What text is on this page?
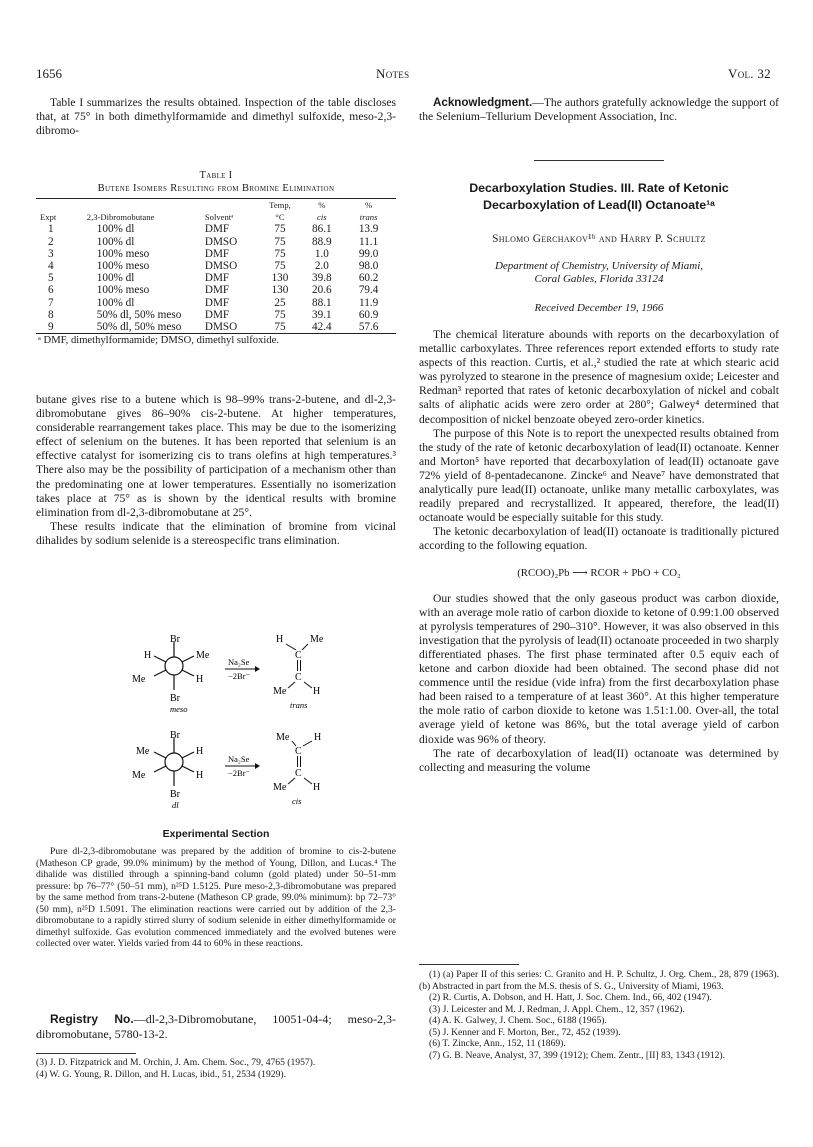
1656	Notes	Vol. 32

Table I summarizes the results obtained. Inspection of the table discloses that, at 75° in both dimethylformamide and dimethyl sulfoxide, meso-2,3-dibromo-

Table I
Butene Isomers Resulting from Bromine Elimination
			Temp,	%	%
Expt	2,3-Dibromobutane	Solventᵃ	°C	cis	trans
1	100% dl	DMF	75	86.1	13.9
2	100% dl	DMSO	75	88.9	11.1
3	100% meso	DMF	75	1.0	99.0
4	100% meso	DMSO	75	2.0	98.0
5	100% dl	DMF	130	39.8	60.2
6	100% meso	DMF	130	20.6	79.4
7	100% dl	DMF	25	88.1	11.9
8	50% dl, 50% meso	DMF	75	39.1	60.9
9	50% dl, 50% meso	DMSO	75	42.4	57.6
ᵃ DMF, dimethylformamide; DMSO, dimethyl sulfoxide.

butane gives rise to a butene which is 98–99% trans-2-butene, and dl-2,3-dibromobutane gives 86–90% cis-2-butene. At higher temperatures, considerable rearrangement takes place. This may be due to the isomerizing effect of selenium on the butenes. It has been reported that selenium is an effective catalyst for isomerizing cis to trans olefins at high temperatures.³ There also may be the possibility of participation of a mechanism other than the predominating one at lower temperatures. Essentially no isomerization takes place at 75° as is shown by the identical results with bromine elimination from dl-2,3-dibromobutane at 25°.

These results indicate that the elimination of bromine from vicinal dihalides by sodium selenide is a stereospecific trans elimination.

Br
H	Me
Me	H
Br
meso
Na₂Se
−2Br⁻
H	Me
C
C
Me	H
trans
Br
Me	H
Me	H
Br
dl
Na₂Se
−2Br⁻
Me H
C
C
Me	H
cis
Experimental Section

Pure dl-2,3-dibromobutane was prepared by the addition of bromine to cis-2-butene (Matheson CP grade, 99.0% minimum) by the method of Young, Dillon, and Lucas.⁴ The dihalide was distilled through a spinning-band column (gold plated) under 50–51-mm pressure: bp 76–77° (50–51 mm), n²⁵D 1.5125. Pure meso-2,3-dibromobutane was prepared by the same method from trans-2-butene (Matheson CP grade, 99.0% minimum): bp 72–73° (50 mm), n²⁵D 1.5091. The elimination reactions were carried out by addition of the 2,3-dibromobutane to a rapidly stirred slurry of sodium selenide in either dimethylformamide or dimethyl sulfoxide. Gas evolution commenced immediately and the evolved butenes were collected over water. Yields varied from 44 to 60% in these reactions.

Registry No.—dl-2,3-Dibromobutane, 10051-04-4; meso-2,3-dibromobutane, 5780-13-2.

(3) J. D. Fitzpatrick and M. Orchin, J. Am. Chem. Soc., 79, 4765 (1957).

(4) W. G. Young, R. Dillon, and H. Lucas, ibid., 51, 2534 (1929).

Acknowledgment.—The authors gratefully acknowledge the support of the Selenium–Tellurium Development Association, Inc.

Decarboxylation Studies. III. Rate of Ketonic
Decarboxylation of Lead(II) Octanoate¹ᵃ
Shlomo Gerchakov¹ᵇ and Harry P. Schultz
Department of Chemistry, University of Miami,
Coral Gables, Florida 33124
Received December 19, 1966

The chemical literature abounds with reports on the decarboxylation of metallic carboxylates. Three references report extended efforts to study rate aspects of this reaction. Curtis, et al.,² studied the rate at which stearic acid was pyrolyzed to stearone in the presence of magnesium oxide; Leicester and Redman³ reported that rates of ketonic decarboxylation of nickel and cobalt salts of aliphatic acids were zero order at 280°; Galwey⁴ determined that decomposition of nickel benzoate obeyed zero-order kinetics.

The purpose of this Note is to report the unexpected results obtained from the study of the rate of ketonic decarboxylation of lead(II) octanoate. Kenner and Morton⁵ have reported that decarboxylation of lead(II) octanoate gave 72% yield of 8-pentadecanone. Zincke⁶ and Neave⁷ have demonstrated that analytically pure lead(II) octanoate, unlike many metallic carboxylates, was readily prepared and recrystallized. It appeared, therefore, the lead(II) octanoate would be especially suitable for this study.

The ketonic decarboxylation of lead(II) octanoate is traditionally pictured according to the following equation.

(RCOO)₂Pb ⟶ RCOR + PbO + CO₂

Our studies showed that the only gaseous product was carbon dioxide, with an average mole ratio of carbon dioxide to ketone of 0.99:1.00 observed at pyrolysis temperatures of 290–310°. However, it was also observed in this investigation that the pyrolysis of lead(II) octanoate proceeded in two sharply differentiated phases. The first phase terminated after 0.5 equiv each of ketone and carbon dioxide had been obtained. The second phase did not commence until the residue (vide infra) from the first decarboxylation phase had been raised to a temperature of at least 360°. At this higher temperature the mole ratio of carbon dioxide to ketone was 1.51:1.00. Over-all, the total average yield of ketone was 86%, but the total average yield of carbon dioxide was 96% of theory.

The rate of decarboxylation of lead(II) octanoate was determined by collecting and measuring the volume

(1) (a) Paper II of this series: C. Granito and H. P. Schultz, J. Org. Chem., 28, 879 (1963). (b) Abstracted in part from the M.S. thesis of S. G., University of Miami, 1963.

(2) R. Curtis, A. Dobson, and H. Hatt, J. Soc. Chem. Ind., 66, 402 (1947).

(3) J. Leicester and M. J. Redman, J. Appl. Chem., 12, 357 (1962).

(4) A. K. Galwey, J. Chem. Soc., 6188 (1965).

(5) J. Kenner and F. Morton, Ber., 72, 452 (1939).

(6) T. Zincke, Ann., 152, 11 (1869).

(7) G. B. Neave, Analyst, 37, 399 (1912); Chem. Zentr., [II] 83, 1343 (1912).
